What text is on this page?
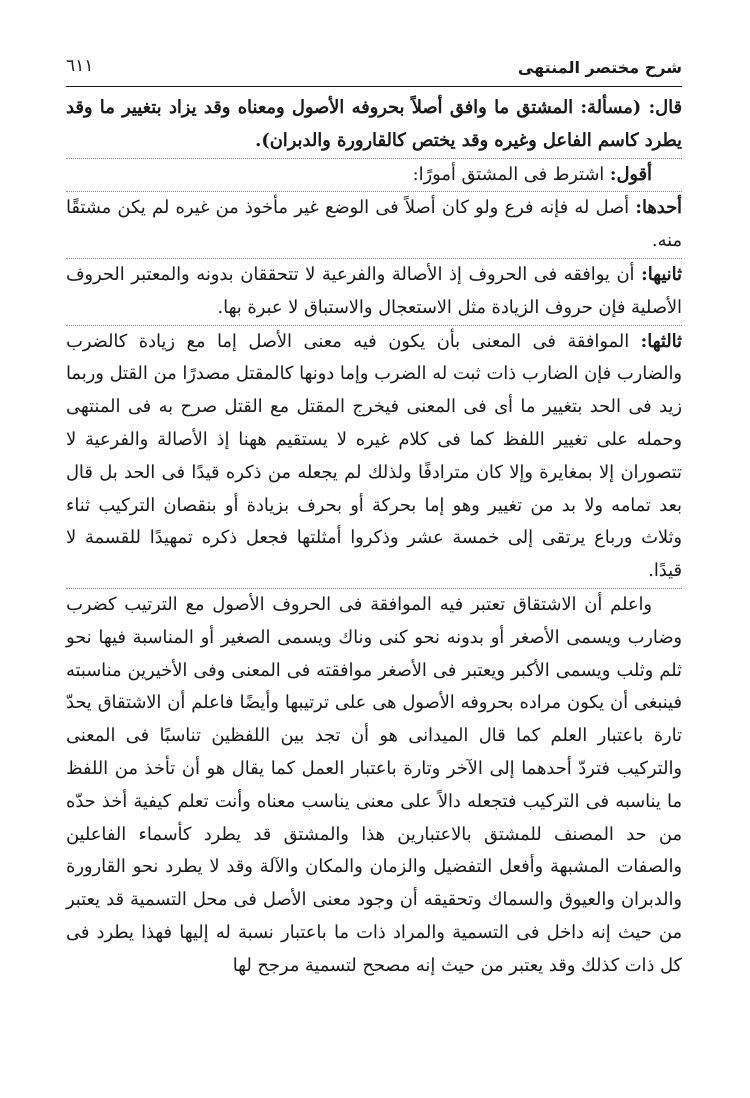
شرح مختصر المنتهى
٦١١

قال: (مسألة: المشتق ما وافق أصلاً بحروفه الأصول ومعناه وقد يزاد بتغيير ما وقد يطرد كاسم الفاعل وغيره وقد يختص كالقارورة والدبران).

أقول: اشترط فى المشتق أمورًا:

أحدها: أصل له فإنه فرع ولو كان أصلاً فى الوضع غير مأخوذ من غيره لم يكن مشتقًا منه.

ثانيها: أن يوافقه فى الحروف إذ الأصالة والفرعية لا تتحققان بدونه والمعتبر الحروف الأصلية فإن حروف الزيادة مثل الاستعجال والاستباق لا عبرة بها.

ثالثها: الموافقة فى المعنى بأن يكون فيه معنى الأصل إما مع زيادة كالضرب والضارب فإن الضارب ذات ثبت له الضرب وإما دونها كالمقتل مصدرًا من القتل وربما زيد فى الحد بتغيير ما أى فى المعنى فيخرج المقتل مع القتل صرح به فى المنتهى وحمله على تغيير اللفظ كما فى كلام غيره لا يستقيم ههنا إذ الأصالة والفرعية لا تتصوران إلا بمغايرة وإلا كان مترادفًا ولذلك لم يجعله من ذكره قيدًا فى الحد بل قال بعد تمامه ولا بد من تغيير وهو إما بحركة أو بحرف بزيادة أو بنقصان التركيب ثناء وثلاث ورباع يرتقى إلى خمسة عشر وذكروا أمثلتها فجعل ذكره تمهيدًا للقسمة لا قيدًا.

واعلم أن الاشتقاق تعتبر فيه الموافقة فى الحروف الأصول مع الترتيب كضرب وضارب ويسمى الأصغر أو بدونه نحو كنى وناك ويسمى الصغير أو المناسبة فيها نحو ثلم وثلب ويسمى الأكبر ويعتبر فى الأصغر موافقته فى المعنى وفى الأخيرين مناسبته فينبغى أن يكون مراده بحروفه الأصول هى على ترتيبها وأيضًا فاعلم أن الاشتقاق يحدّ تارة باعتبار العلم كما قال الميدانى هو أن تجد بين اللفظين تناسبًا فى المعنى والتركيب فتردّ أحدهما إلى الآخر وتارة باعتبار العمل كما يقال هو أن تأخذ من اللفظ ما يناسبه فى التركيب فتجعله دالاً على معنى يناسب معناه وأنت تعلم كيفية أخذ حدّه من حد المصنف للمشتق بالاعتبارين هذا والمشتق قد يطرد كأسماء الفاعلين والصفات المشبهة وأفعل التفضيل والزمان والمكان والآلة وقد لا يطرد نحو القارورة والدبران والعيوق والسماك وتحقيقه أن وجود معنى الأصل فى محل التسمية قد يعتبر من حيث إنه داخل فى التسمية والمراد ذات ما باعتبار نسبة له إليها فهذا يطرد فى كل ذات كذلك وقد يعتبر من حيث إنه مصحح لتسمية مرجح لها
